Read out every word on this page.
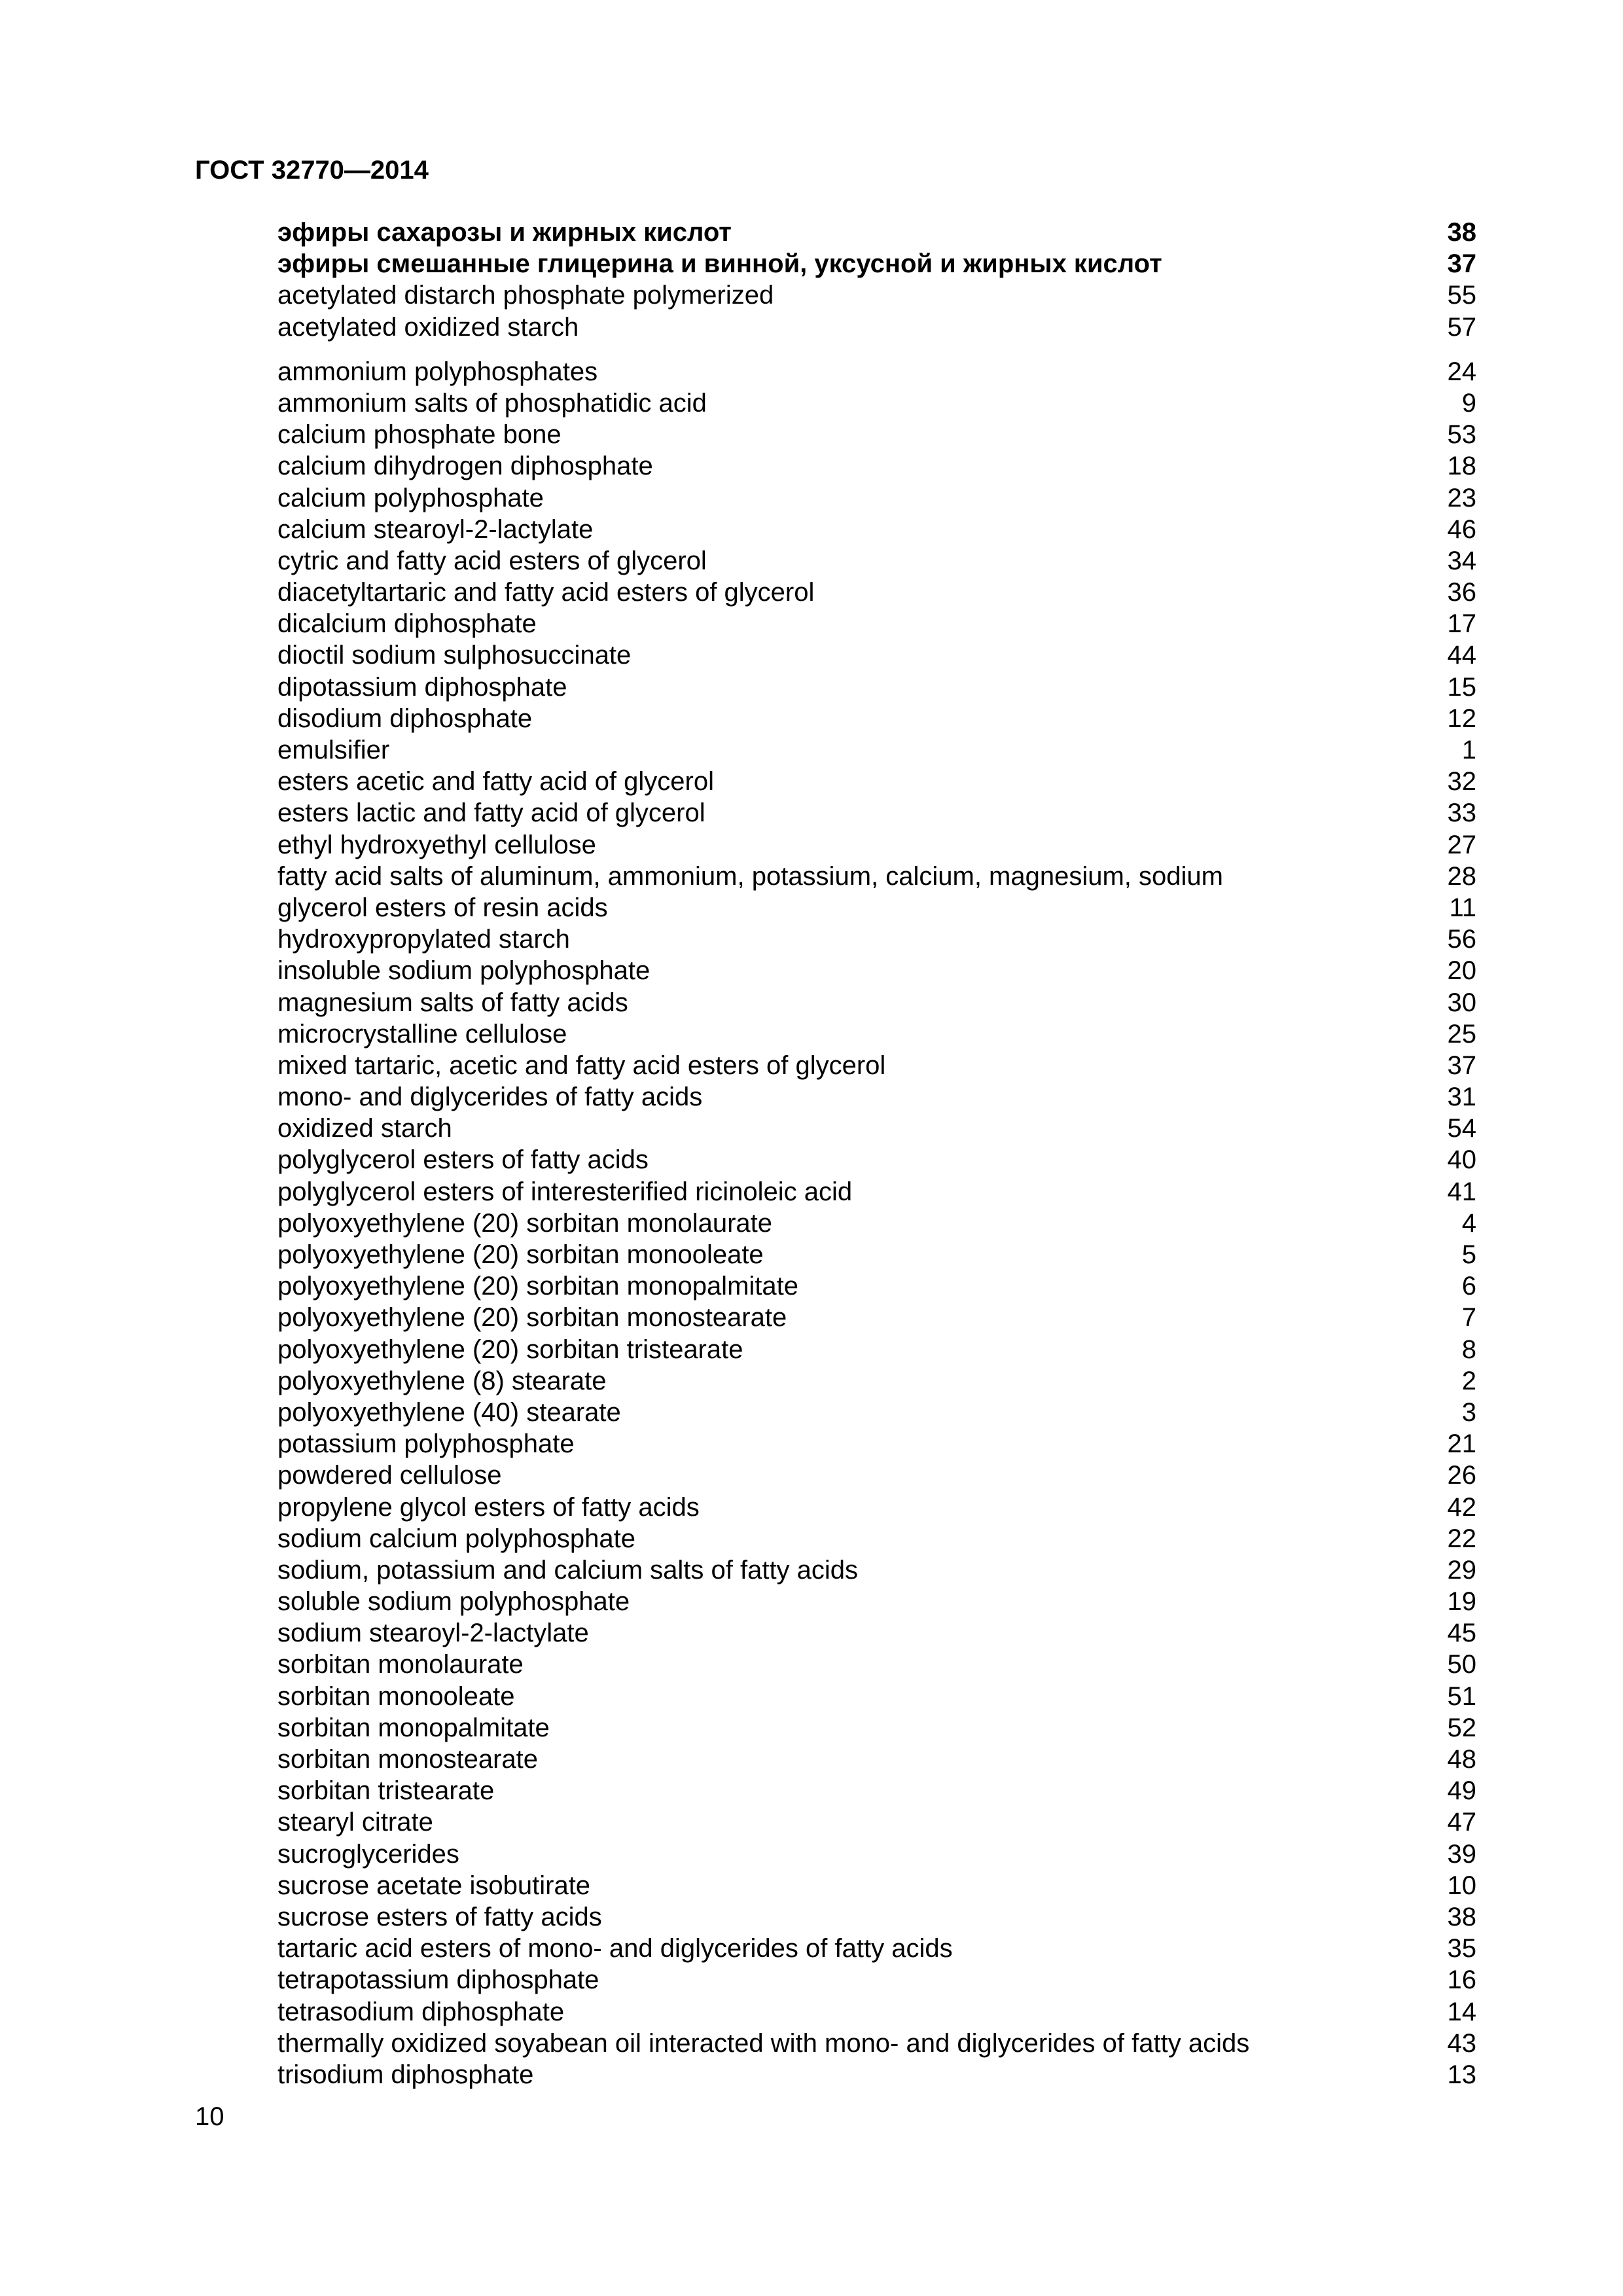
ГОСТ 32770—2014
эфиры сахарозы и жирных кислот	38
эфиры смешанные глицерина и винной, уксусной и жирных кислот	37
acetylated distarch phosphate polymerized	55
acetylated oxidized starch	57
ammonium polyphosphates	24
ammonium salts of phosphatidic acid	9
calcium phosphate bone	53
calcium dihydrogen diphosphate	18
calcium polyphosphate	23
calcium stearoyl-2-lactylate	46
cytric and fatty acid esters of glycerol	34
diacetyltartaric and fatty acid esters of glycerol	36
dicalcium diphosphate	17
dioctil sodium sulphosuccinate	44
dipotassium diphosphate	15
disodium diphosphate	12
emulsifier	1
esters acetic and fatty acid of glycerol	32
esters lactic and fatty acid of glycerol	33
ethyl hydroxyethyl cellulose	27
fatty acid salts of aluminum, ammonium, potassium, calcium, magnesium, sodium	28
glycerol esters of resin acids	11
hydroxypropylated starch	56
insoluble sodium polyphosphate	20
magnesium salts of fatty acids	30
microcrystalline cellulose	25
mixed tartaric, acetic and fatty acid esters of glycerol	37
mono- and diglycerides of fatty acids	31
oxidized starch	54
polyglycerol esters of fatty acids	40
polyglycerol esters of interesterified ricinoleic acid	41
polyoxyethylene (20) sorbitan monolaurate	4
polyoxyethylene (20) sorbitan monooleate	5
polyoxyethylene (20) sorbitan monopalmitate	6
polyoxyethylene (20) sorbitan monostearate	7
polyoxyethylene (20) sorbitan tristearate	8
polyoxyethylene (8) stearate	2
polyoxyethylene (40) stearate	3
potassium polyphosphate	21
powdered cellulose	26
propylene glycol esters of fatty acids	42
sodium calcium polyphosphate	22
sodium, potassium and calcium salts of fatty acids	29
soluble sodium polyphosphate	19
sodium stearoyl-2-lactylate	45
sorbitan monolaurate	50
sorbitan monooleate	51
sorbitan monopalmitate	52
sorbitan monostearate	48
sorbitan tristearate	49
stearyl citrate	47
sucroglycerides	39
sucrose acetate isobutirate	10
sucrose esters of fatty acids	38
tartaric acid esters of mono- and diglycerides of fatty acids	35
tetrapotassium diphosphate	16
tetrasodium diphosphate	14
thermally oxidized soyabean oil interacted with mono- and diglycerides of fatty acids	43
trisodium diphosphate	13
10
